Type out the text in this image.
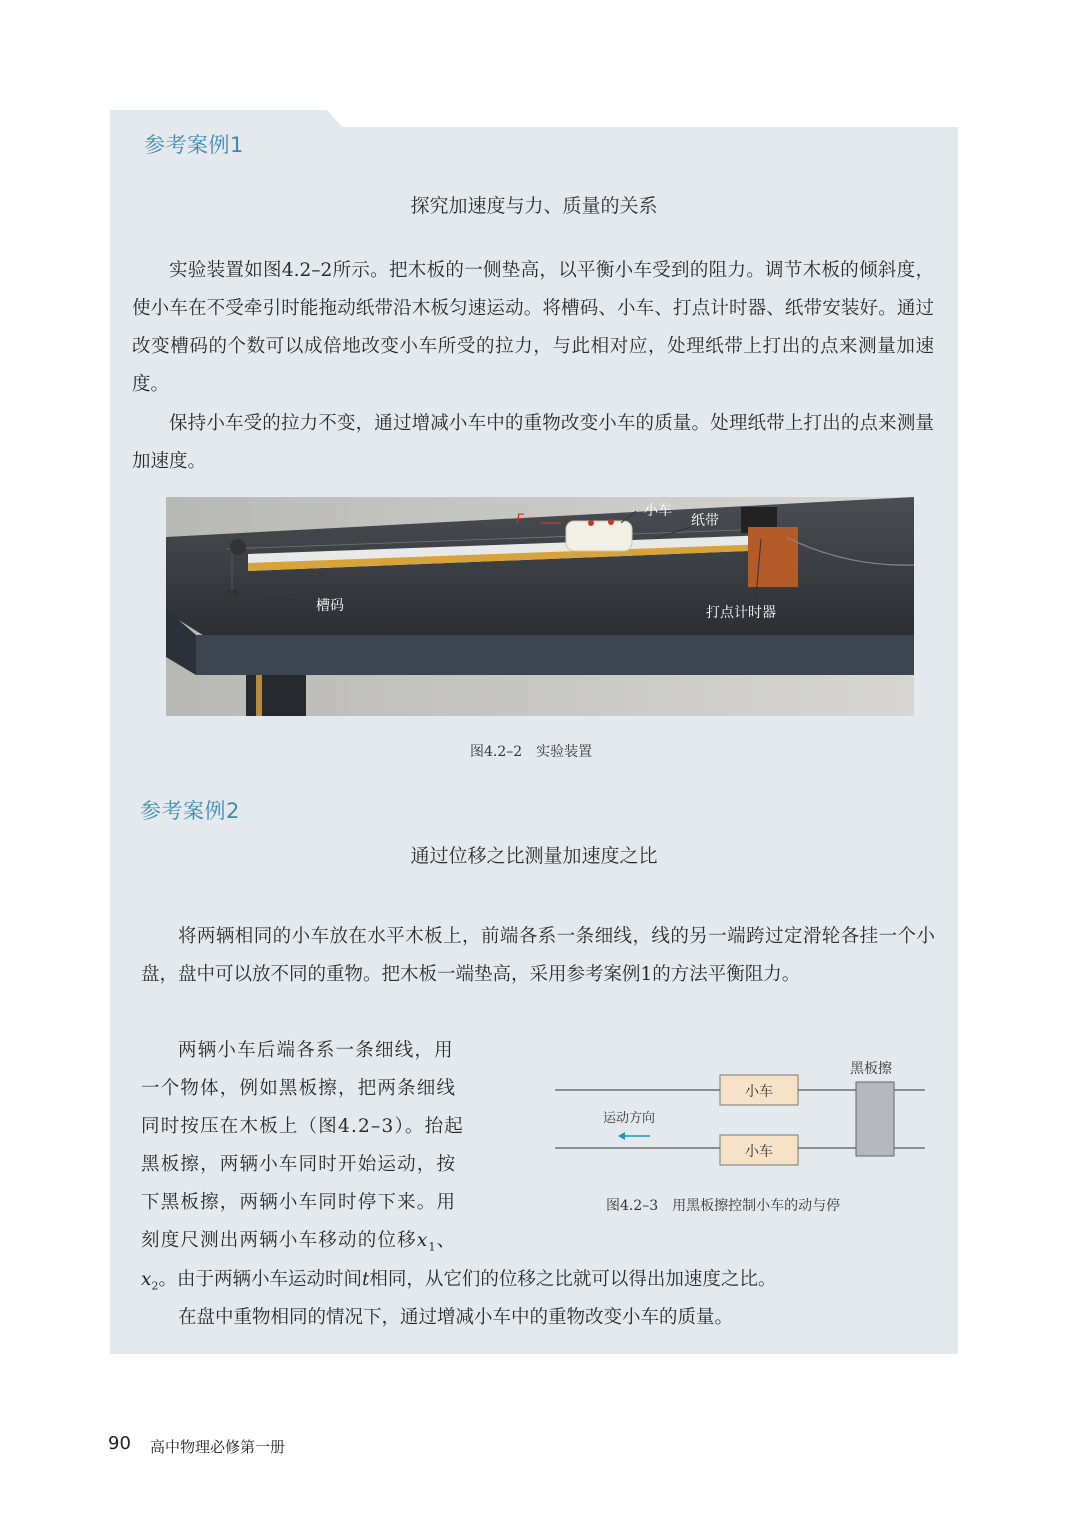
参考案例1
探究加速度与力、质量的关系

实验装置如图4.2–2所示。把木板的一侧垫高，以平衡小车受到的阻力。调节木板的倾斜度，使小车在不受牵引时能拖动纸带沿木板匀速运动。将槽码、小车、打点计时器、纸带安装好。通过改变槽码的个数可以成倍地改变小车所受的拉力，与此相对应，处理纸带上打出的点来测量加速度。

保持小车受的拉力不变，通过增减小车中的重物改变小车的质量。处理纸带上打出的点来测量加速度。

F
小车
纸带
槽码	打点计时器
图4.2–2　实验装置
参考案例2
通过位移之比测量加速度之比

将两辆相同的小车放在水平木板上，前端各系一条细线，线的另一端跨过定滑轮各挂一个小盘，盘中可以放不同的重物。把木板一端垫高，采用参考案例1的方法平衡阻力。

两辆小车后端各系一条细线，用
一个物体，例如黑板擦，把两条细线
同时按压在木板上（图4.2–3）。抬起
黑板擦，两辆小车同时开始运动，按
下黑板擦，两辆小车同时停下来。用
刻度尺测出两辆小车移动的位移$x_1$、
$x_2$。由于两辆小车运动时间t相同，从它们的位移之比就可以得出加速度之比。

在盘中重物相同的情况下，通过增减小车中的重物改变小车的质量。

小车
小车
黑板擦
运动方向
图4.2–3　用黑板擦控制小车的动与停
90 高中物理必修第一册
